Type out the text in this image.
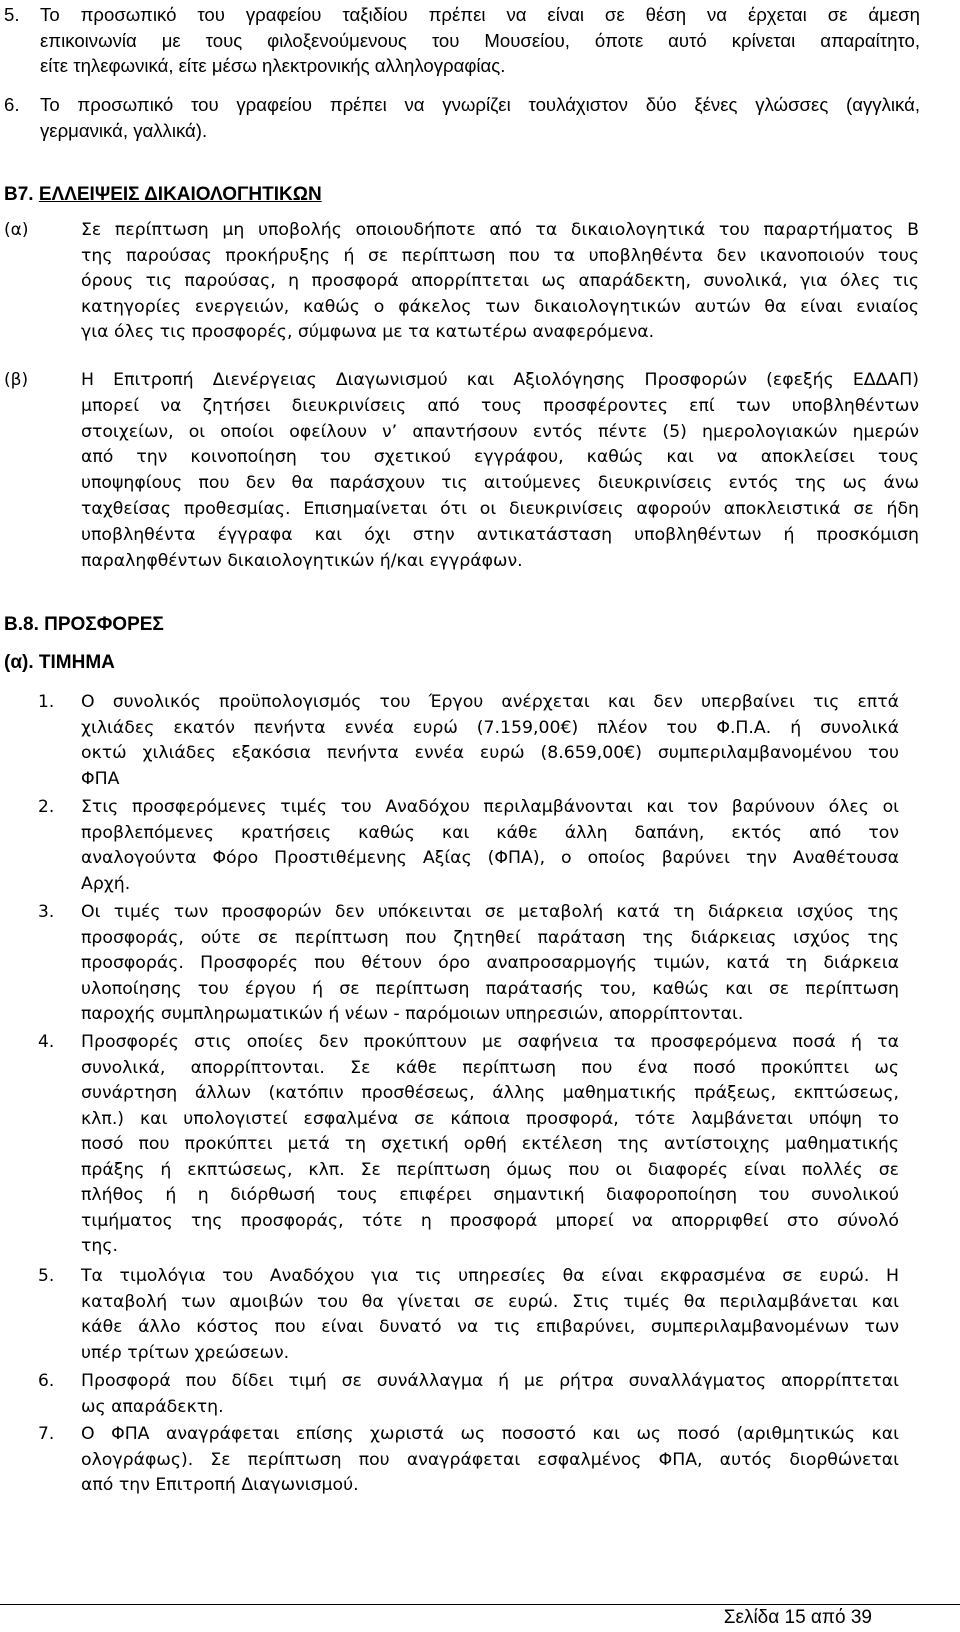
5. Το προσωπικό του γραφείου ταξιδίου πρέπει να είναι σε θέση να έρχεται σε άμεση
επικοινωνία με τους φιλοξενούμενους του Μουσείου, όποτε αυτό κρίνεται απαραίτητο,
είτε τηλεφωνικά, είτε μέσω ηλεκτρονικής αλληλογραφίας.
6. Το προσωπικό του γραφείου πρέπει να γνωρίζει τουλάχιστον δύο ξένες γλώσσες (αγγλικά,
γερμανικά, γαλλικά).
B7. ΕΛΛΕΙΨΕΙΣ ΔΙΚΑΙΟΛΟΓΗΤΙΚΩΝ
(α)	Σε περίπτωση μη υποβολής οποιουδήποτε από τα δικαιολογητικά του παραρτήματος Β
της παρούσας προκήρυξης ή σε περίπτωση που τα υποβληθέντα δεν ικανοποιούν τους
όρους τις παρούσας, η προσφορά απορρίπτεται ως απαράδεκτη, συνολικά, για όλες τις
κατηγορίες ενεργειών, καθώς ο φάκελος των δικαιολογητικών αυτών θα είναι ενιαίος
για όλες τις προσφορές, σύμφωνα με τα κατωτέρω αναφερόμενα.
(β)	Η Επιτροπή Διενέργειας Διαγωνισμού και Αξιολόγησης Προσφορών (εφεξής ΕΔΔΑΠ)
μπορεί να ζητήσει διευκρινίσεις από τους προσφέροντες επί των υποβληθέντων
στοιχείων, οι οποίοι οφείλουν ν’ απαντήσουν εντός πέντε (5) ημερολογιακών ημερών
από την κοινοποίηση του σχετικού εγγράφου, καθώς και να αποκλείσει τους
υποψηφίους που δεν θα παράσχουν τις αιτούμενες διευκρινίσεις εντός της ως άνω
ταχθείσας προθεσμίας. Επισημαίνεται ότι οι διευκρινίσεις αφορούν αποκλειστικά σε ήδη
υποβληθέντα έγγραφα και όχι στην αντικατάσταση υποβληθέντων ή προσκόμιση
παραληφθέντων δικαιολογητικών ή/και εγγράφων.
Β.8. ΠΡΟΣΦΟΡΕΣ
(α). ΤΙΜΗΜΑ
1. Ο συνολικός προϋπολογισμός του Έργου ανέρχεται και δεν υπερβαίνει τις επτά
χιλιάδες εκατόν πενήντα εννέα ευρώ (7.159,00€) πλέον του Φ.Π.Α. ή συνολικά
οκτώ χιλιάδες εξακόσια πενήντα εννέα ευρώ (8.659,00€) συμπεριλαμβανομένου του
ΦΠΑ
2. Στις προσφερόμενες τιμές του Αναδόχου περιλαμβάνονται και τον βαρύνουν όλες οι
προβλεπόμενες κρατήσεις καθώς και κάθε άλλη δαπάνη, εκτός από τον
αναλογούντα Φόρο Προστιθέμενης Αξίας (ΦΠΑ), ο οποίος βαρύνει την Αναθέτουσα
Αρχή.
3. Οι τιμές των προσφορών δεν υπόκεινται σε μεταβολή κατά τη διάρκεια ισχύος της
προσφοράς, ούτε σε περίπτωση που ζητηθεί παράταση της διάρκειας ισχύος της
προσφοράς. Προσφορές που θέτουν όρο αναπροσαρμογής τιμών, κατά τη διάρκεια
υλοποίησης του έργου ή σε περίπτωση παράτασής του, καθώς και σε περίπτωση
παροχής συμπληρωματικών ή νέων - παρόμοιων υπηρεσιών, απορρίπτονται.
4. Προσφορές στις οποίες δεν προκύπτουν με σαφήνεια τα προσφερόμενα ποσά ή τα
συνολικά, απορρίπτονται. Σε κάθε περίπτωση που ένα ποσό προκύπτει ως
συνάρτηση άλλων (κατόπιν προσθέσεως, άλλης μαθηματικής πράξεως, εκπτώσεως,
κλπ.) και υπολογιστεί εσφαλμένα σε κάποια προσφορά, τότε λαμβάνεται υπόψη το
ποσό που προκύπτει μετά τη σχετική ορθή εκτέλεση της αντίστοιχης μαθηματικής
πράξης ή εκπτώσεως, κλπ. Σε περίπτωση όμως που οι διαφορές είναι πολλές σε
πλήθος ή η διόρθωσή τους επιφέρει σημαντική διαφοροποίηση του συνολικού
τιμήματος της προσφοράς, τότε η προσφορά μπορεί να απορριφθεί στο σύνολό
της.
5. Τα τιμολόγια του Αναδόχου για τις υπηρεσίες θα είναι εκφρασμένα σε ευρώ. Η
καταβολή των αμοιβών του θα γίνεται σε ευρώ. Στις τιμές θα περιλαμβάνεται και
κάθε άλλο κόστος που είναι δυνατό να τις επιβαρύνει, συμπεριλαμβανομένων των
υπέρ τρίτων χρεώσεων.
6. Προσφορά που δίδει τιμή σε συνάλλαγμα ή με ρήτρα συναλλάγματος απορρίπτεται
ως απαράδεκτη.
7. Ο ΦΠΑ αναγράφεται επίσης χωριστά ως ποσοστό και ως ποσό (αριθμητικώς και
ολογράφως). Σε περίπτωση που αναγράφεται εσφαλμένος ΦΠΑ, αυτός διορθώνεται
από την Επιτροπή Διαγωνισμού.
Σελίδα 15 από 39
